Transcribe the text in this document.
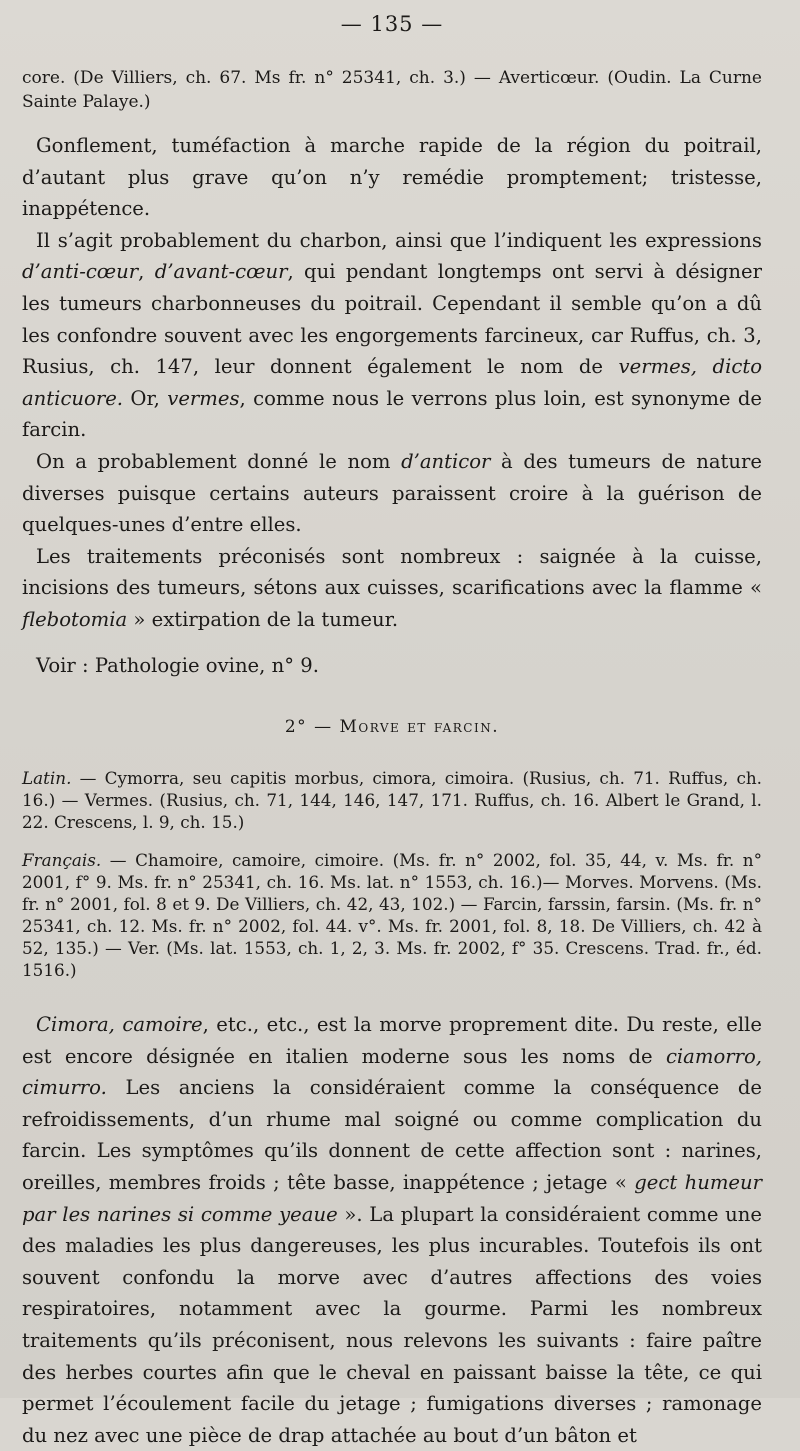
— 135 —

core. (De Villiers, ch. 67. Ms fr. n° 25341, ch. 3.) — Averticœur. (Oudin. La Curne Sainte Palaye.)

Gonflement, tuméfaction à marche rapide de la région du poitrail, d’autant plus grave qu’on n’y remédie promptement; tristesse, inappétence.

Il s’agit probablement du charbon, ainsi que l’indiquent les expressions d’anti-cœur, d’avant-cœur, qui pendant longtemps ont servi à désigner les tumeurs charbonneuses du poitrail. Cependant il semble qu’on a dû les confondre souvent avec les engorgements farcineux, car Ruffus, ch. 3, Rusius, ch. 147, leur donnent également le nom de vermes, dicto anticuore. Or, vermes, comme nous le verrons plus loin, est synonyme de farcin.

On a probablement donné le nom d’anticor à des tumeurs de nature diverses puisque certains auteurs paraissent croire à la guérison de quelques-unes d’entre elles.

Les traitements préconisés sont nombreux : saignée à la cuisse, incisions des tumeurs, sétons aux cuisses, scarifications avec la flamme « flebotomia » extirpation de la tumeur.

Voir : Pathologie ovine, n° 9.

2° — Morve et farcin.

Latin. — Cymorra, seu capitis morbus, cimora, cimoira. (Rusius, ch. 71. Ruffus, ch. 16.) — Vermes. (Rusius, ch. 71, 144, 146, 147, 171. Ruffus, ch. 16. Albert le Grand, l. 22. Crescens, l. 9, ch. 15.)

Français. — Chamoire, camoire, cimoire. (Ms. fr. n° 2002, fol. 35, 44, v. Ms. fr. n° 2001, f° 9. Ms. fr. n° 25341, ch. 16. Ms. lat. n° 1553, ch. 16.)— Morves. Morvens. (Ms. fr. n° 2001, fol. 8 et 9. De Villiers, ch. 42, 43, 102.) — Farcin, farssin, farsin. (Ms. fr. n° 25341, ch. 12. Ms. fr. n° 2002, fol. 44. v°. Ms. fr. 2001, fol. 8, 18. De Villiers, ch. 42 à 52, 135.) — Ver. (Ms. lat. 1553, ch. 1, 2, 3. Ms. fr. 2002, f° 35. Crescens. Trad. fr., éd. 1516.)

Cimora, camoire, etc., etc., est la morve proprement dite. Du reste, elle est encore désignée en italien moderne sous les noms de ciamorro, cimurro. Les anciens la considéraient comme la conséquence de refroidissements, d’un rhume mal soigné ou comme complication du farcin. Les symptômes qu’ils donnent de cette affection sont : narines, oreilles, membres froids ; tête basse, inappétence ; jetage « gect humeur par les narines si comme yeaue ». La plupart la considéraient comme une des maladies les plus dangereuses, les plus incurables. Toutefois ils ont souvent confondu la morve avec d’autres affections des voies respiratoires, notamment avec la gourme. Parmi les nombreux traitements qu’ils préconisent, nous relevons les suivants : faire paître des herbes courtes afin que le cheval en paissant baisse la tête, ce qui permet l’écoulement facile du jetage ; fumigations diverses ; ramonage du nez avec une pièce de drap attachée au bout d’un bâton et
